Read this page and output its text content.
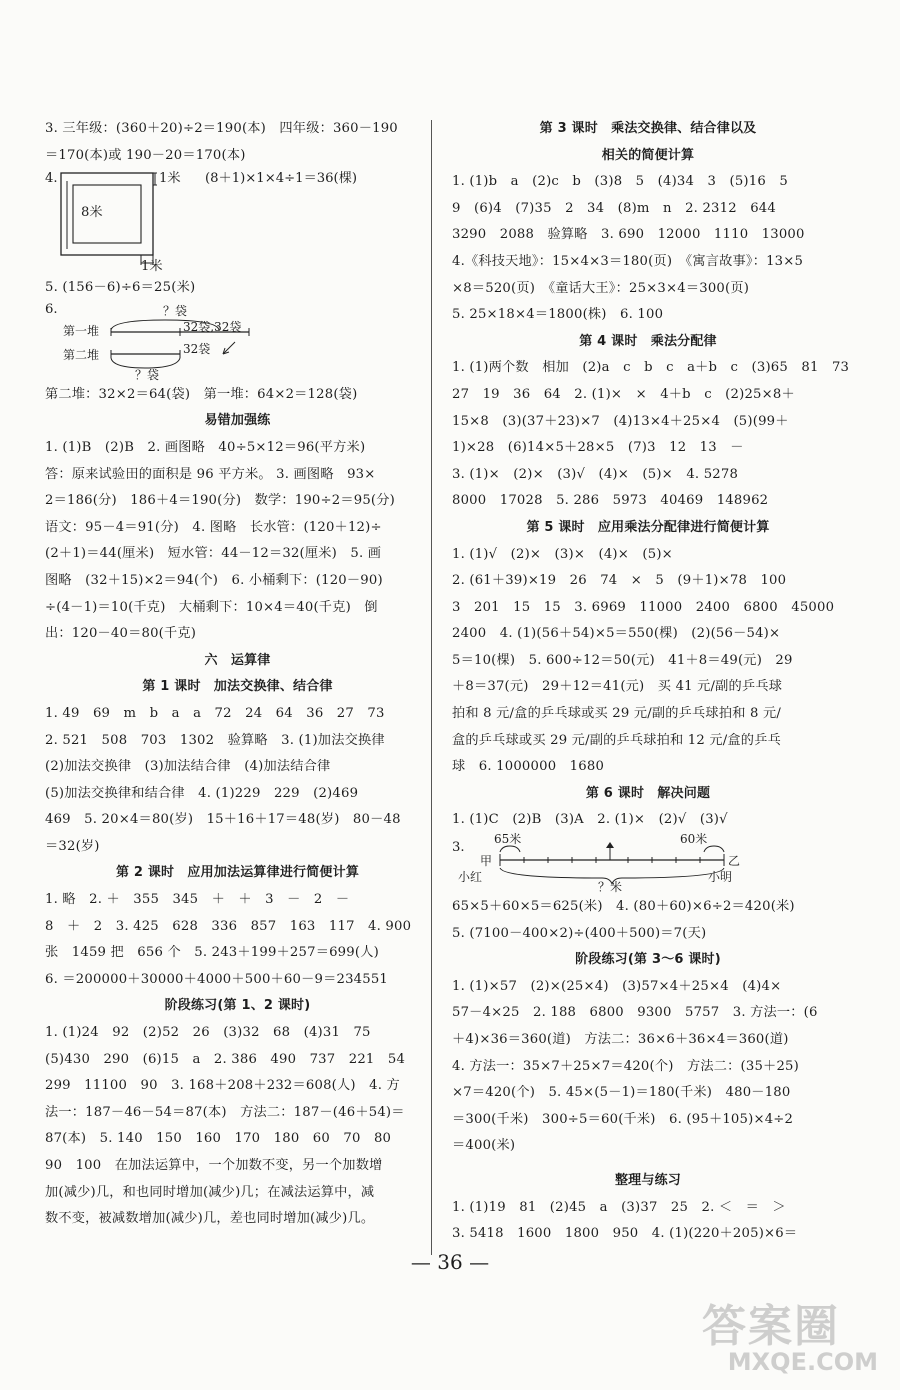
3. 三年级：(360＋20)÷2＝190(本)　四年级：360－190
＝170(本)或 190－20＝170(本)
4.	1米 (8＋1)×1×4÷1＝36(棵)
8米
1米
5. (156－6)÷6＝25(米)
6.	？袋
第一堆	32袋,32袋
第二堆	32袋
？袋
第二堆：32×2＝64(袋)　第一堆：64×2＝128(袋)
易错加强练
1. (1)B　(2)B　2. 画图略　40÷5×12＝96(平方米)
答：原来试验田的面积是 96 平方米。 3. 画图略　93×
2＝186(分)　186＋4＝190(分)　数学：190÷2＝95(分)
语文：95－4＝91(分)　4. 图略　长水管：(120＋12)÷
(2＋1)＝44(厘米)　短水管：44－12＝32(厘米)　5. 画
图略　(32＋15)×2＝94(个)　6. 小桶剩下：(120－90)
÷(4－1)＝10(千克)　大桶剩下：10×4＝40(千克)　倒
出：120－40＝80(千克)
六　运算律
第 1 课时　加法交换律、结合律
1. 49　69　m　b　a　a　72　24　64　36　27　73
2. 521　508　703　1302　验算略　3. (1)加法交换律
(2)加法交换律　(3)加法结合律　(4)加法结合律
(5)加法交换律和结合律　4. (1)229　229　(2)469
469　5. 20×4＝80(岁)　15＋16＋17＝48(岁)　80－48
＝32(岁)
第 2 课时　应用加法运算律进行简便计算
1. 略　2. ＋　355　345　＋　＋　3　－　2　－
8　＋　2　3. 425　628　336　857　163　117　4. 900
张　1459 把　656 个　5. 243＋199＋257＝699(人)
6. ＝200000＋30000＋4000＋500＋60－9＝234551
阶段练习(第 1、2 课时)
1. (1)24　92　(2)52　26　(3)32　68　(4)31　75
(5)430　290　(6)15　a　2. 386　490　737　221　54
299　11100　90　3. 168＋208＋232＝608(人)　4. 方
法一：187－46－54＝87(本)　方法二：187－(46＋54)＝
87(本)　5. 140　150　160　170　180　60　70　80
90　100　在加法运算中，一个加数不变，另一个加数增
加(减少)几，和也同时增加(减少)几；在减法运算中，减
数不变，被减数增加(减少)几，差也同时增加(减少)几。
第 3 课时　乘法交换律、结合律以及
相关的简便计算
1. (1)b　a　(2)c　b　(3)8　5　(4)34　3　(5)16　5
9　(6)4　(7)35　2　34　(8)m　n　2. 2312　644
3290　2088　验算略　3. 690　12000　1110　13000
4.《科技天地》：15×4×3＝180(页)　《寓言故事》：13×5
×8＝520(页)　《童话大王》：25×3×4＝300(页)
5. 25×18×4＝1800(株)　6. 100
第 4 课时　乘法分配律
1. (1)两个数　相加　(2)a　c　b　c　a＋b　c　(3)65　81　73
27　19　36　64　2. (1)×　×　4＋b　c　(2)25×8＋
15×8　(3)(37＋23)×7　(4)13×4＋25×4　(5)(99＋
1)×28　(6)14×5＋28×5　(7)3　12　13　－
3. (1)×　(2)×　(3)√　(4)×　(5)×　4. 5278
8000　17028　5. 286　5973　40469　148962
第 5 课时　应用乘法分配律进行简便计算
1. (1)√　(2)×　(3)×　(4)×　(5)×
2. (61＋39)×19　26　74　×　5　(9＋1)×78　100
3　201　15　15　3. 6969　11000　2400　6800　45000
2400　4. (1)(56＋54)×5＝550(棵)　(2)(56－54)×
5＝10(棵)　5. 600÷12＝50(元)　41＋8＝49(元)　29
＋8＝37(元)　29＋12＝41(元)　买 41 元/副的乒乓球
拍和 8 元/盒的乒乓球或买 29 元/副的乒乓球拍和 8 元/
盒的乒乓球或买 29 元/副的乒乓球拍和 12 元/盒的乒乓
球　6. 1000000　1680
第 6 课时　解决问题
1. (1)C　(2)B　(3)A　2. (1)×　(2)√　(3)√
3.
65米	60米
甲	乙
小红	小明
？米
65×5＋60×5＝625(米)　4. (80＋60)×6÷2＝420(米)
5. (7100－400×2)÷(400＋500)＝7(天)
阶段练习(第 3～6 课时)
1. (1)×57　(2)×(25×4)　(3)57×4＋25×4　(4)4×
57－4×25　2. 188　6800　9300　5757　3. 方法一：(6
＋4)×36＝360(道)　方法二：36×6＋36×4＝360(道)
4. 方法一：35×7＋25×7＝420(个)　方法二：(35＋25)
×7＝420(个)　5. 45×(5－1)＝180(千米)　480－180
＝300(千米)　300÷5＝60(千米)　6. (95＋105)×4÷2
＝400(米)
整理与练习
1. (1)19　81　(2)45　a　(3)37　25　2. ＜　＝　＞
3. 5418　1600　1800　950　4. (1)(220＋205)×6＝
— 36 —
答案圈
MXQE.COM
